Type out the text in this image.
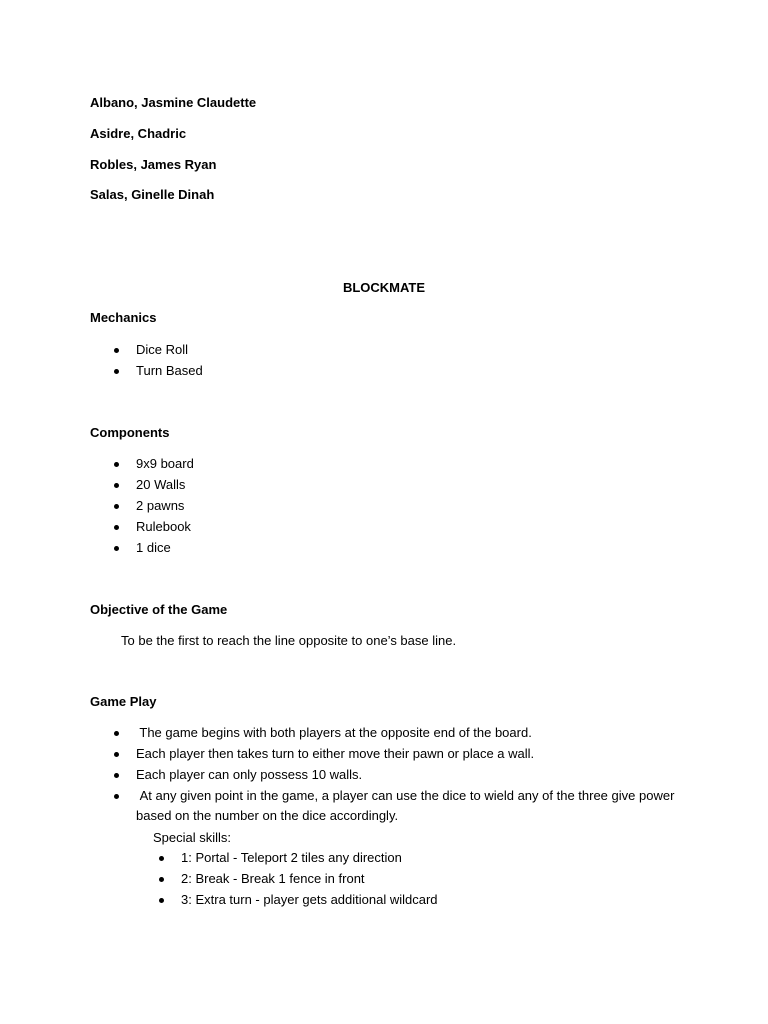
Albano, Jasmine Claudette
Asidre, Chadric
Robles, James Ryan
Salas, Ginelle Dinah
BLOCKMATE
Mechanics
Dice Roll
Turn Based
Components
9x9 board
20 Walls
2 pawns
Rulebook
1 dice
Objective of the Game
To be the first to reach the line opposite to one’s base line.
Game Play
The game begins with both players at the opposite end of the board.
Each player then takes turn to either move their pawn or place a wall.
Each player can only possess 10 walls.
At any given point in the game, a player can use the dice to wield any of the three give power based on the number on the dice accordingly.
Special skills:
1: Portal - Teleport 2 tiles any direction
2: Break - Break 1 fence in front
3: Extra turn - player gets additional wildcard
